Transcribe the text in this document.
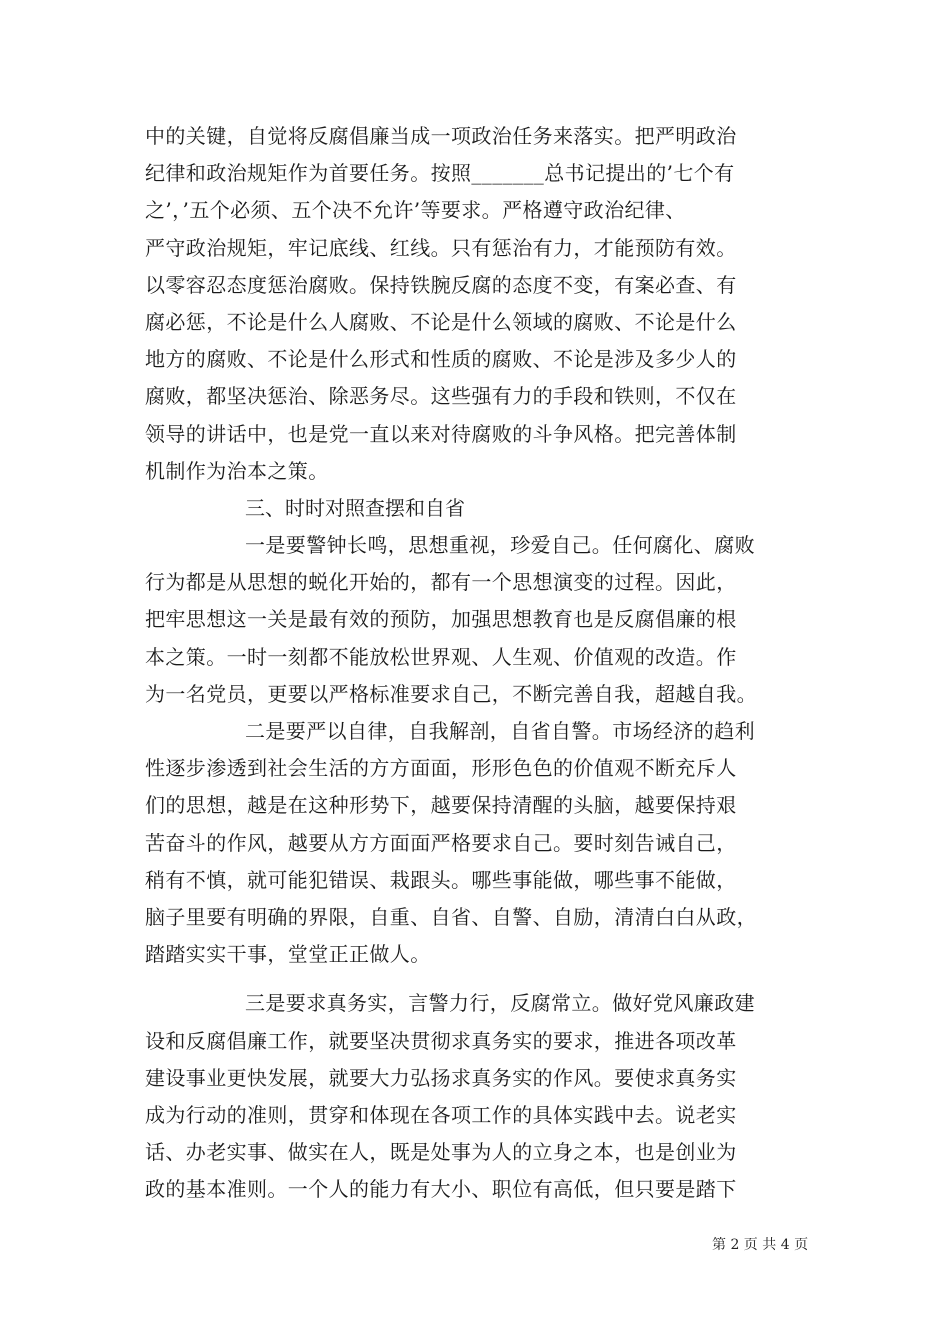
中的关键，自觉将反腐倡廉当成一项政治任务来落实。把严明政治
纪律和政治规矩作为首要任务。按照_______总书记提出的’七个有
之’，’五个必须、五个决不允许’等要求。严格遵守政治纪律、
严守政治规矩，牢记底线、红线。只有惩治有力，才能预防有效。
以零容忍态度惩治腐败。保持铁腕反腐的态度不变，有案必查、有
腐必惩，不论是什么人腐败、不论是什么领域的腐败、不论是什么
地方的腐败、不论是什么形式和性质的腐败、不论是涉及多少人的
腐败，都坚决惩治、除恶务尽。这些强有力的手段和铁则，不仅在
领导的讲话中，也是党一直以来对待腐败的斗争风格。把完善体制
机制作为治本之策。
三、时时对照查摆和自省
一是要警钟长鸣，思想重视，珍爱自己。任何腐化、腐败
行为都是从思想的蜕化开始的，都有一个思想演变的过程。因此，
把牢思想这一关是最有效的预防，加强思想教育也是反腐倡廉的根
本之策。一时一刻都不能放松世界观、人生观、价值观的改造。作
为一名党员，更要以严格标准要求自己，不断完善自我，超越自我。
二是要严以自律，自我解剖，自省自警。市场经济的趋利
性逐步渗透到社会生活的方方面面，形形色色的价值观不断充斥人
们的思想，越是在这种形势下，越要保持清醒的头脑，越要保持艰
苦奋斗的作风，越要从方方面面严格要求自己。要时刻告诫自己，
稍有不慎，就可能犯错误、栽跟头。哪些事能做，哪些事不能做，
脑子里要有明确的界限，自重、自省、自警、自励，清清白白从政，
踏踏实实干事，堂堂正正做人。
三是要求真务实，言警力行，反腐常立。做好党风廉政建
设和反腐倡廉工作，就要坚决贯彻求真务实的要求，推进各项改革
建设事业更快发展，就要大力弘扬求真务实的作风。要使求真务实
成为行动的准则，贯穿和体现在各项工作的具体实践中去。说老实
话、办老实事、做实在人，既是处事为人的立身之本，也是创业为
政的基本准则。一个人的能力有大小、职位有高低，但只要是踏下
第 2 页 共 4 页
